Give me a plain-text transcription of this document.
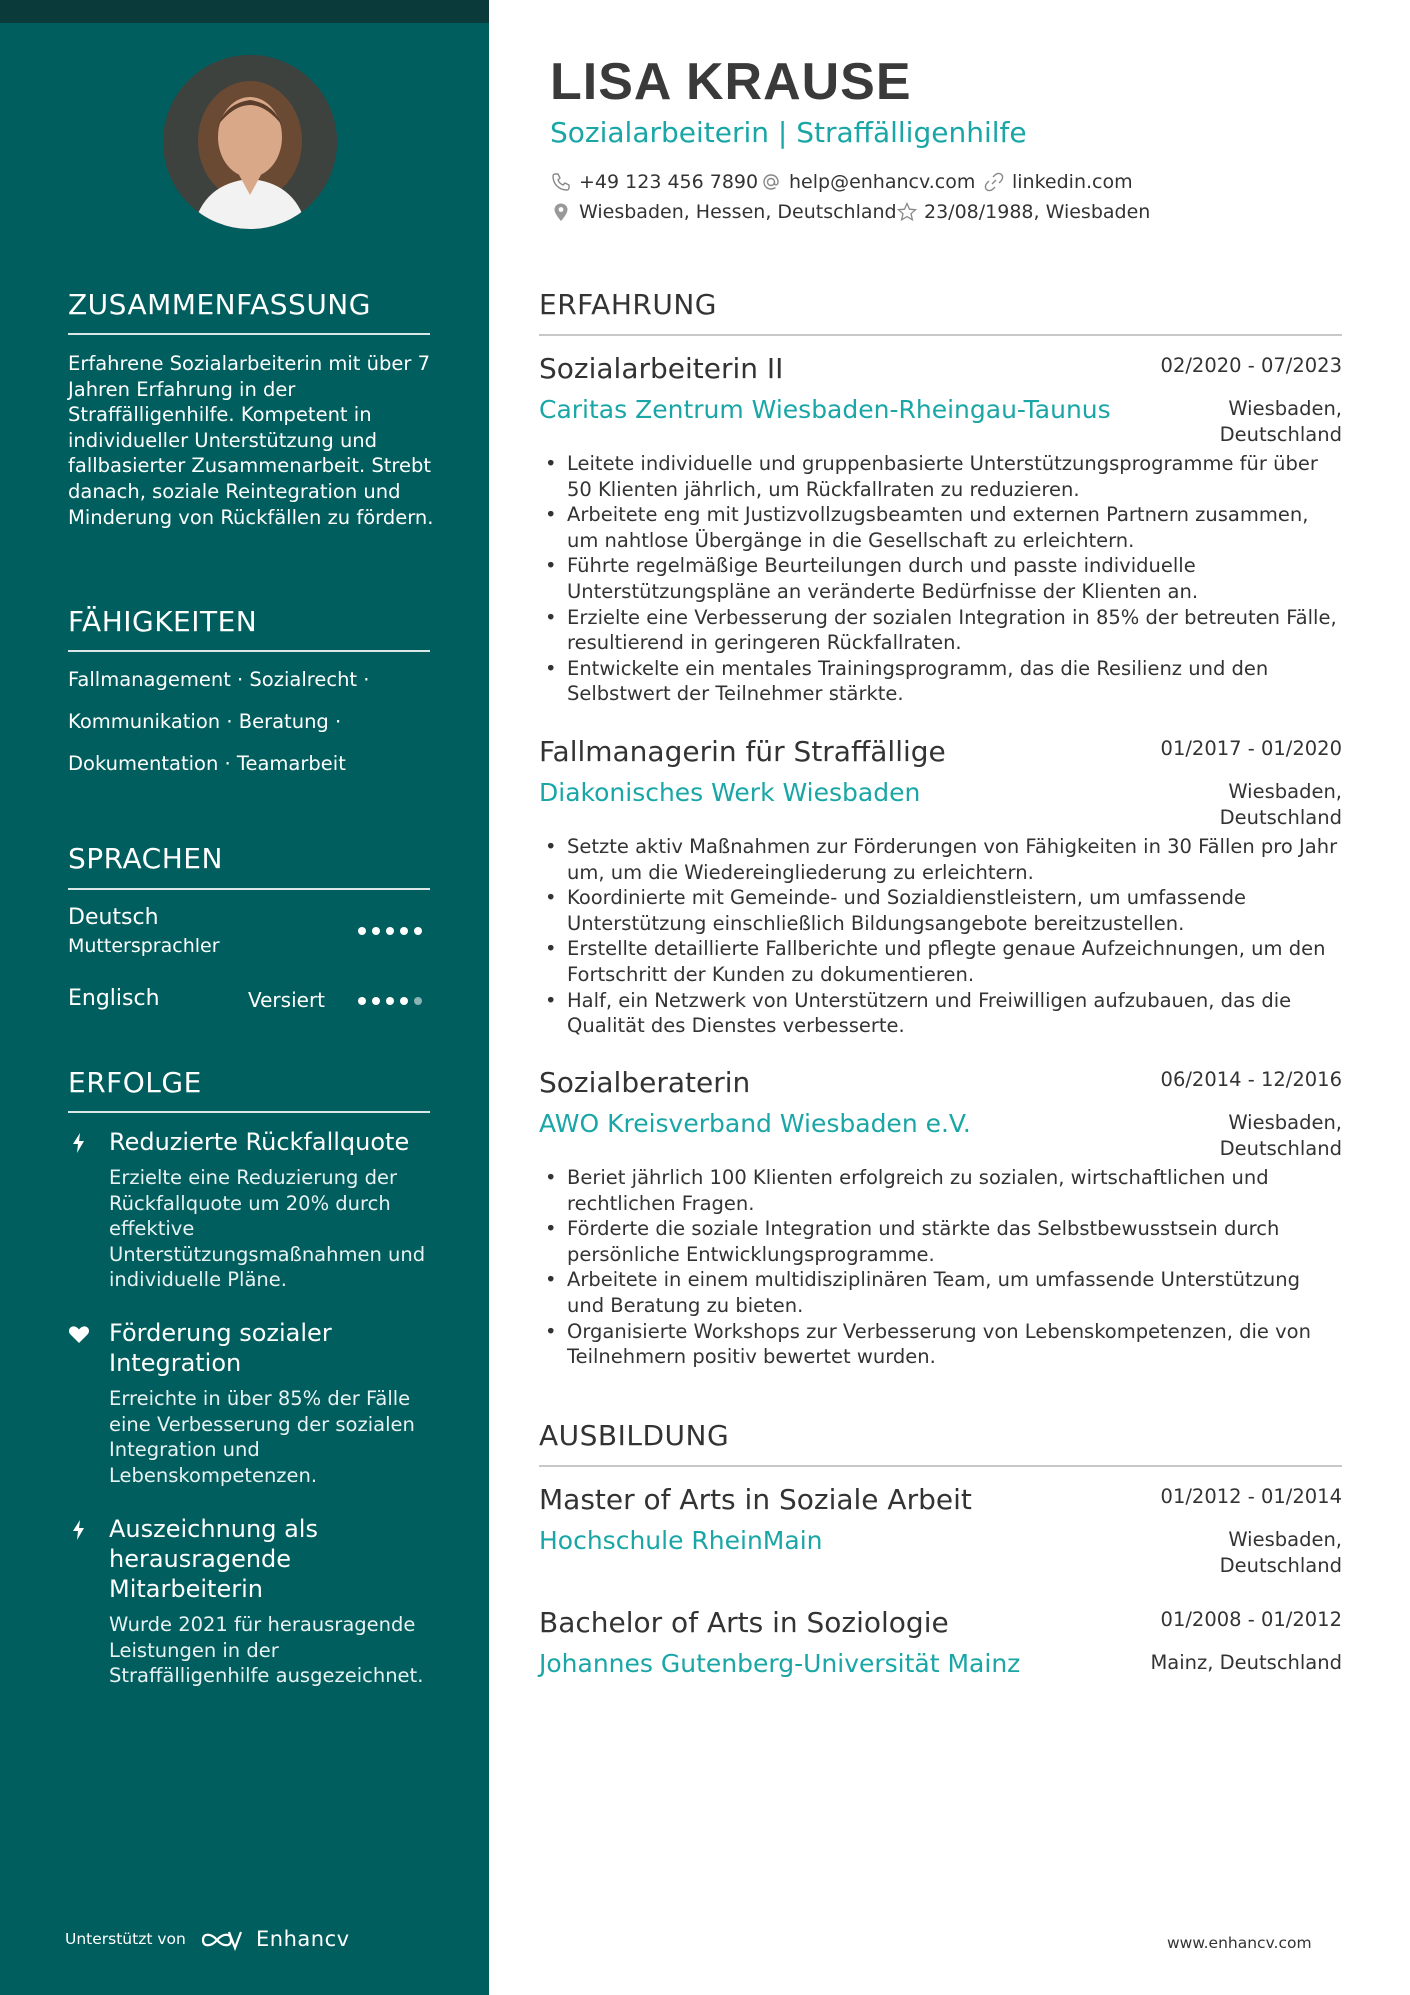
ZUSAMMENFASSUNG
Erfahrene Sozialarbeiterin mit über 7 Jahren Erfahrung in der Straffälligenhilfe. Kompetent in individueller Unterstützung und fallbasierter Zusammenarbeit. Strebt danach, soziale Reintegration und Minderung von Rückfällen zu fördern.
FÄHIGKEITEN
Fallmanagement · Sozialrecht ·
Kommunikation · Beratung ·
Dokumentation · Teamarbeit
SPRACHEN
Deutsch
Muttersprachler
Englisch	Versiert
ERFOLGE
Reduzierte Rückfallquote
Erzielte eine Reduzierung der Rückfallquote um 20% durch effektive Unterstützungsmaßnahmen und individuelle Pläne.
Förderung sozialer Integration
Erreichte in über 85% der Fälle eine Verbesserung der sozialen Integration und Lebenskompetenzen.
Auszeichnung als herausragende Mitarbeiterin
Wurde 2021 für herausragende Leistungen in der Straffälligenhilfe ausgezeichnet.
Unterstützt von	Enhancv
LISA KRAUSE
Sozialarbeiterin | Straffälligenhilfe
+49 123 456 7890 help@enhancv.com linkedin.com
Wiesbaden, Hessen, Deutschland 23/08/1988, Wiesbaden
ERFAHRUNG
Sozialarbeiterin II	02/2020 - 07/2023
Caritas Zentrum Wiesbaden-Rheingau-Taunus	Wiesbaden, Deutschland
• Leitete individuelle und gruppenbasierte Unterstützungsprogramme für über 50 Klienten jährlich, um Rückfallraten zu reduzieren.
• Arbeitete eng mit Justizvollzugsbeamten und externen Partnern zusammen, um nahtlose Übergänge in die Gesellschaft zu erleichtern.
• Führte regelmäßige Beurteilungen durch und passte individuelle Unterstützungspläne an veränderte Bedürfnisse der Klienten an.
• Erzielte eine Verbesserung der sozialen Integration in 85% der betreuten Fälle, resultierend in geringeren Rückfallraten.
• Entwickelte ein mentales Trainingsprogramm, das die Resilienz und den Selbstwert der Teilnehmer stärkte.
Fallmanagerin für Straffällige	01/2017 - 01/2020
Diakonisches Werk Wiesbaden	Wiesbaden, Deutschland
• Setzte aktiv Maßnahmen zur Förderungen von Fähigkeiten in 30 Fällen pro Jahr um, um die Wiedereingliederung zu erleichtern.
• Koordinierte mit Gemeinde- und Sozialdienstleistern, um umfassende Unterstützung einschließlich Bildungsangebote bereitzustellen.
• Erstellte detaillierte Fallberichte und pflegte genaue Aufzeichnungen, um den Fortschritt der Kunden zu dokumentieren.
• Half, ein Netzwerk von Unterstützern und Freiwilligen aufzubauen, das die Qualität des Dienstes verbesserte.
Sozialberaterin	06/2014 - 12/2016
AWO Kreisverband Wiesbaden e.V.	Wiesbaden, Deutschland
• Beriet jährlich 100 Klienten erfolgreich zu sozialen, wirtschaftlichen und rechtlichen Fragen.
• Förderte die soziale Integration und stärkte das Selbstbewusstsein durch persönliche Entwicklungsprogramme.
• Arbeitete in einem multidisziplinären Team, um umfassende Unterstützung und Beratung zu bieten.
• Organisierte Workshops zur Verbesserung von Lebenskompetenzen, die von Teilnehmern positiv bewertet wurden.
AUSBILDUNG
Master of Arts in Soziale Arbeit	01/2012 - 01/2014
Hochschule RheinMain	Wiesbaden, Deutschland
Bachelor of Arts in Soziologie	01/2008 - 01/2012
Johannes Gutenberg-Universität Mainz	Mainz, Deutschland
www.enhancv.com
